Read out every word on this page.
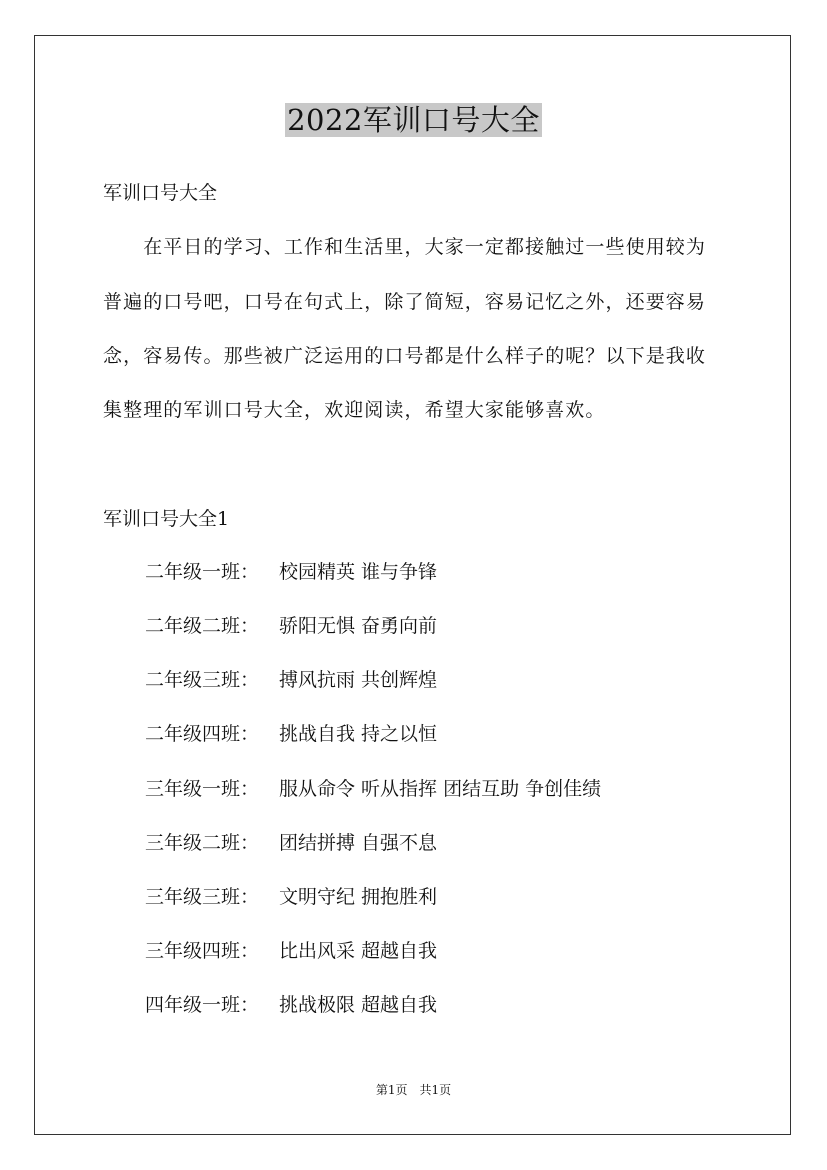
2022军训口号大全
军训口号大全
　　在平日的学习、工作和生活里，大家一定都接触过一些使用较为
普遍的口号吧，口号在句式上，除了简短，容易记忆之外，还要容易
念，容易传。那些被广泛运用的口号都是什么样子的呢？以下是我收
集整理的军训口号大全，欢迎阅读，希望大家能够喜欢。
军训口号大全1
二年级一班： 校园精英 谁与争锋
二年级二班： 骄阳无惧 奋勇向前
二年级三班： 搏风抗雨 共创辉煌
二年级四班： 挑战自我 持之以恒
三年级一班： 服从命令 听从指挥 团结互助 争创佳绩
三年级二班： 团结拼搏 自强不息
三年级三班： 文明守纪 拥抱胜利
三年级四班： 比出风采 超越自我
四年级一班： 挑战极限 超越自我
第1页　共1页
